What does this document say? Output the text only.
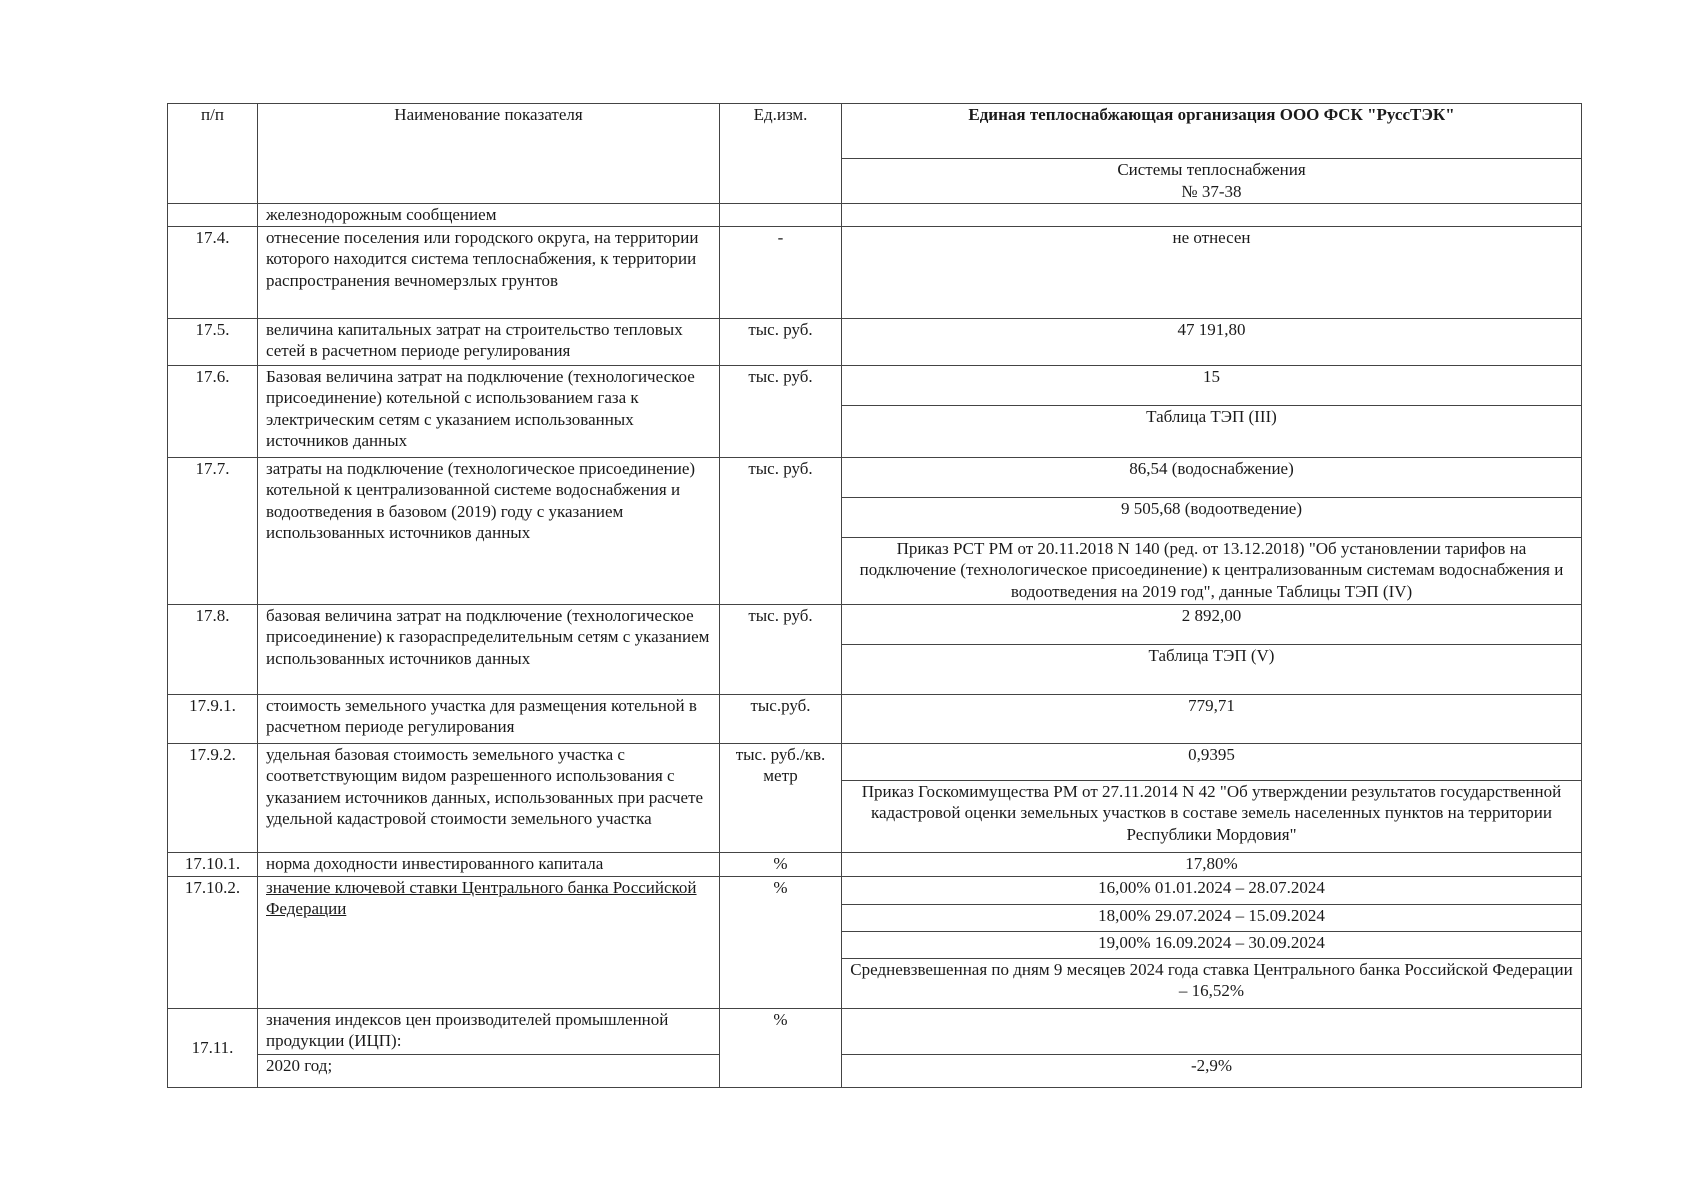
п/п	Наименование показателя	Ед.изм.	Единая теплоснабжающая организация ООО ФСК "РуссТЭК"

			Системы теплоснабжения
№ 37-38

	железнодорожным сообщением		
17.4.	отнесение поселения или городского округа, на территории которого находится система теплоснабжения, к территории распространения вечномерзлых грунтов	-	не отнесен
17.5.	величина капитальных затрат на строительство тепловых сетей в расчетном периоде регулирования	тыс. руб.	47 191,80
17.6.	Базовая величина затрат на подключение (технологическое присоединение) котельной с использованием газа к электрическим сетям с указанием использованных источников данных	тыс. руб.	15
			Таблица ТЭП (III)
17.7.	затраты на подключение (технологическое присоединение) котельной к централизованной системе водоснабжения и водоотведения в базовом (2019) году с указанием использованных источников данных	тыс. руб.	86,54 (водоснабжение)
			9 505,68 (водоотведение)
			Приказ РСТ РМ от 20.11.2018 N 140 (ред. от 13.12.2018) "Об установлении тарифов на подключение (технологическое присоединение) к централизованным системам водоснабжения и водоотведения на 2019 год", данные Таблицы ТЭП (IV)
17.8.	базовая величина затрат на подключение (технологическое присоединение) к газораспределительным сетям с указанием использованных источников данных	тыс. руб.	2 892,00
			Таблица ТЭП (V)
17.9.1.	стоимость земельного участка для размещения котельной в расчетном периоде регулирования	тыс.руб.	779,71
17.9.2.	удельная базовая стоимость земельного участка с соответствующим видом разрешенного использования с указанием источников данных, использованных при расчете удельной кадастровой стоимости земельного участка	тыс. руб./кв. метр	0,9395
			Приказ Госкомимущества РМ от 27.11.2014 N 42 "Об утверждении результатов государственной кадастровой оценки земельных участков в составе земель населенных пунктов на территории Республики Мордовия"
17.10.1.	норма доходности инвестированного капитала	%	17,80%
17.10.2.	значение ключевой ставки Центрального банка Российской Федерации	%	16,00% 01.01.2024 – 28.07.2024
			18,00% 29.07.2024 – 15.09.2024
			19,00% 16.09.2024 – 30.09.2024
			Средневзвешенная по дням 9 месяцев 2024 года ставка Центрального банка Российской Федерации – 16,52%
17.11.	значения индексов цен производителей промышленной продукции (ИЦП):	%	
	2020 год;		-2,9%
